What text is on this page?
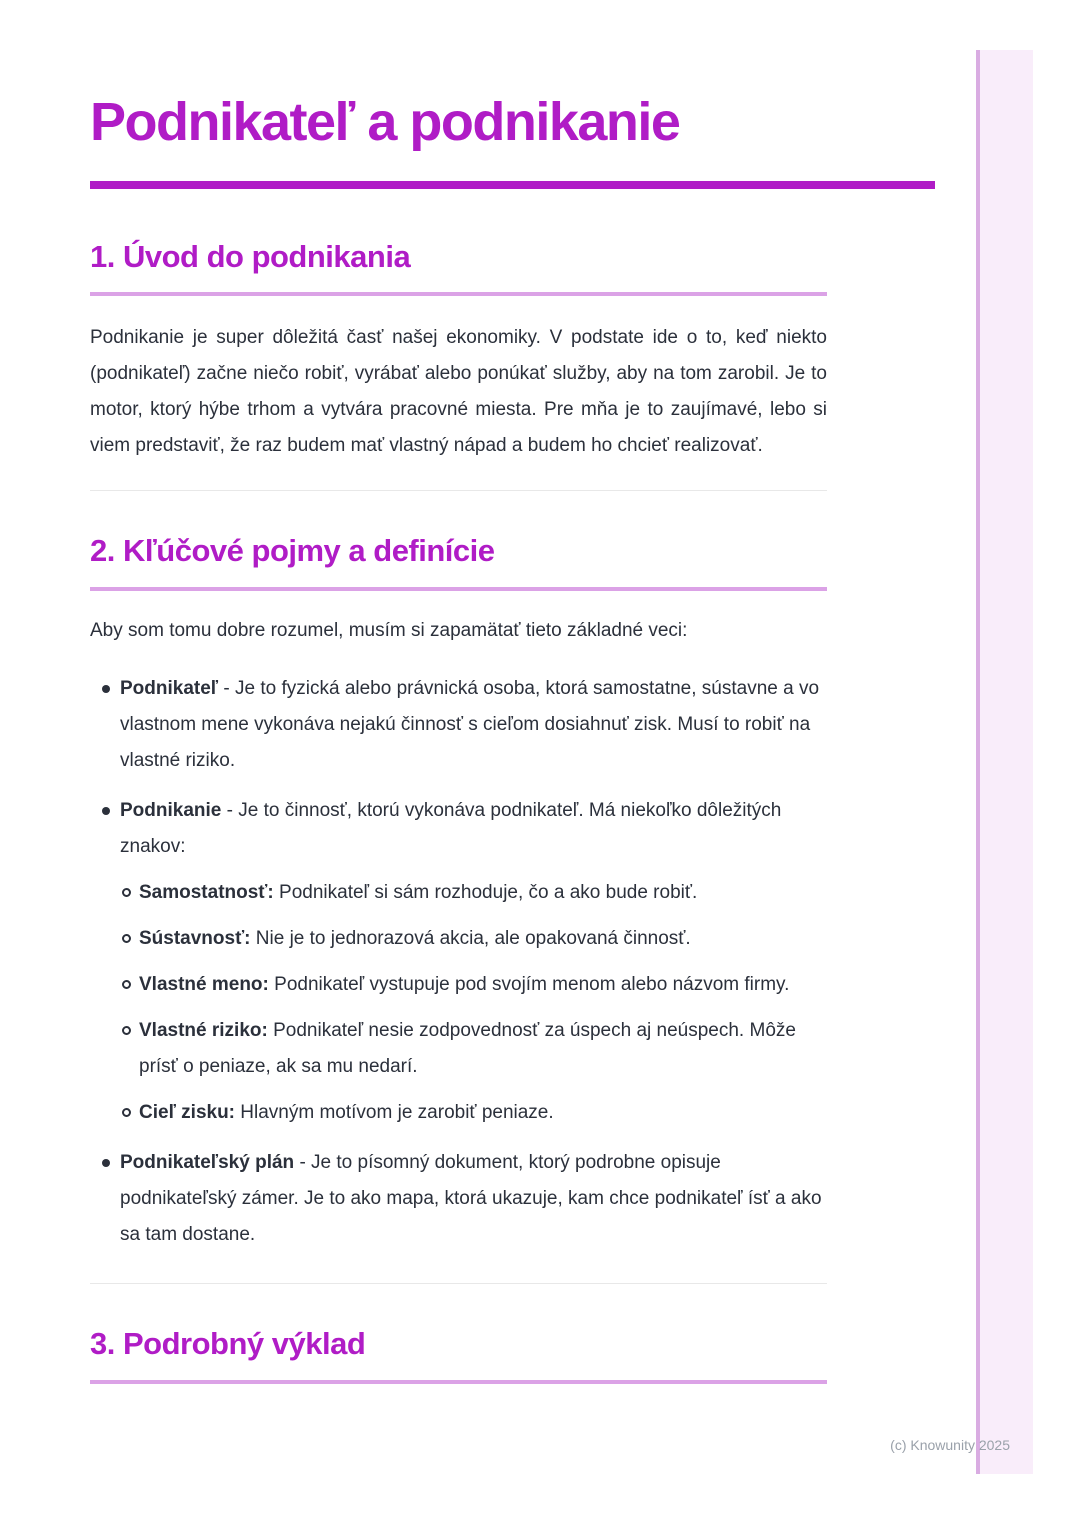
Podnikateľ a podnikanie
1. Úvod do podnikania

Podnikanie je super dôležitá časť našej ekonomiky. V podstate ide o to, keď niekto (podnikateľ) začne niečo robiť, vyrábať alebo ponúkať služby, aby na tom zarobil. Je to motor, ktorý hýbe trhom a vytvára pracovné miesta. Pre mňa je to zaujímavé, lebo si viem predstaviť, že raz budem mať vlastný nápad a budem ho chcieť realizovať.

2. Kľúčové pojmy a definície

Aby som tomu dobre rozumel, musím si zapamätať tieto základné veci:

Podnikateľ - Je to fyzická alebo právnická osoba, ktorá samostatne, sústavne a vo vlastnom mene vykonáva nejakú činnosť s cieľom dosiahnuť zisk. Musí to robiť na vlastné riziko.
Podnikanie - Je to činnosť, ktorú vykonáva podnikateľ. Má niekoľko dôležitých znakov:
Samostatnosť: Podnikateľ si sám rozhoduje, čo a ako bude robiť.
Sústavnosť: Nie je to jednorazová akcia, ale opakovaná činnosť.
Vlastné meno: Podnikateľ vystupuje pod svojím menom alebo názvom firmy.
Vlastné riziko: Podnikateľ nesie zodpovednosť za úspech aj neúspech. Môže prísť o peniaze, ak sa mu nedarí.
Cieľ zisku: Hlavným motívom je zarobiť peniaze.
Podnikateľský plán - Je to písomný dokument, ktorý podrobne opisuje podnikateľský zámer. Je to ako mapa, ktorá ukazuje, kam chce podnikateľ ísť a ako sa tam dostane.
3. Podrobný výklad
(c) Knowunity 2025
